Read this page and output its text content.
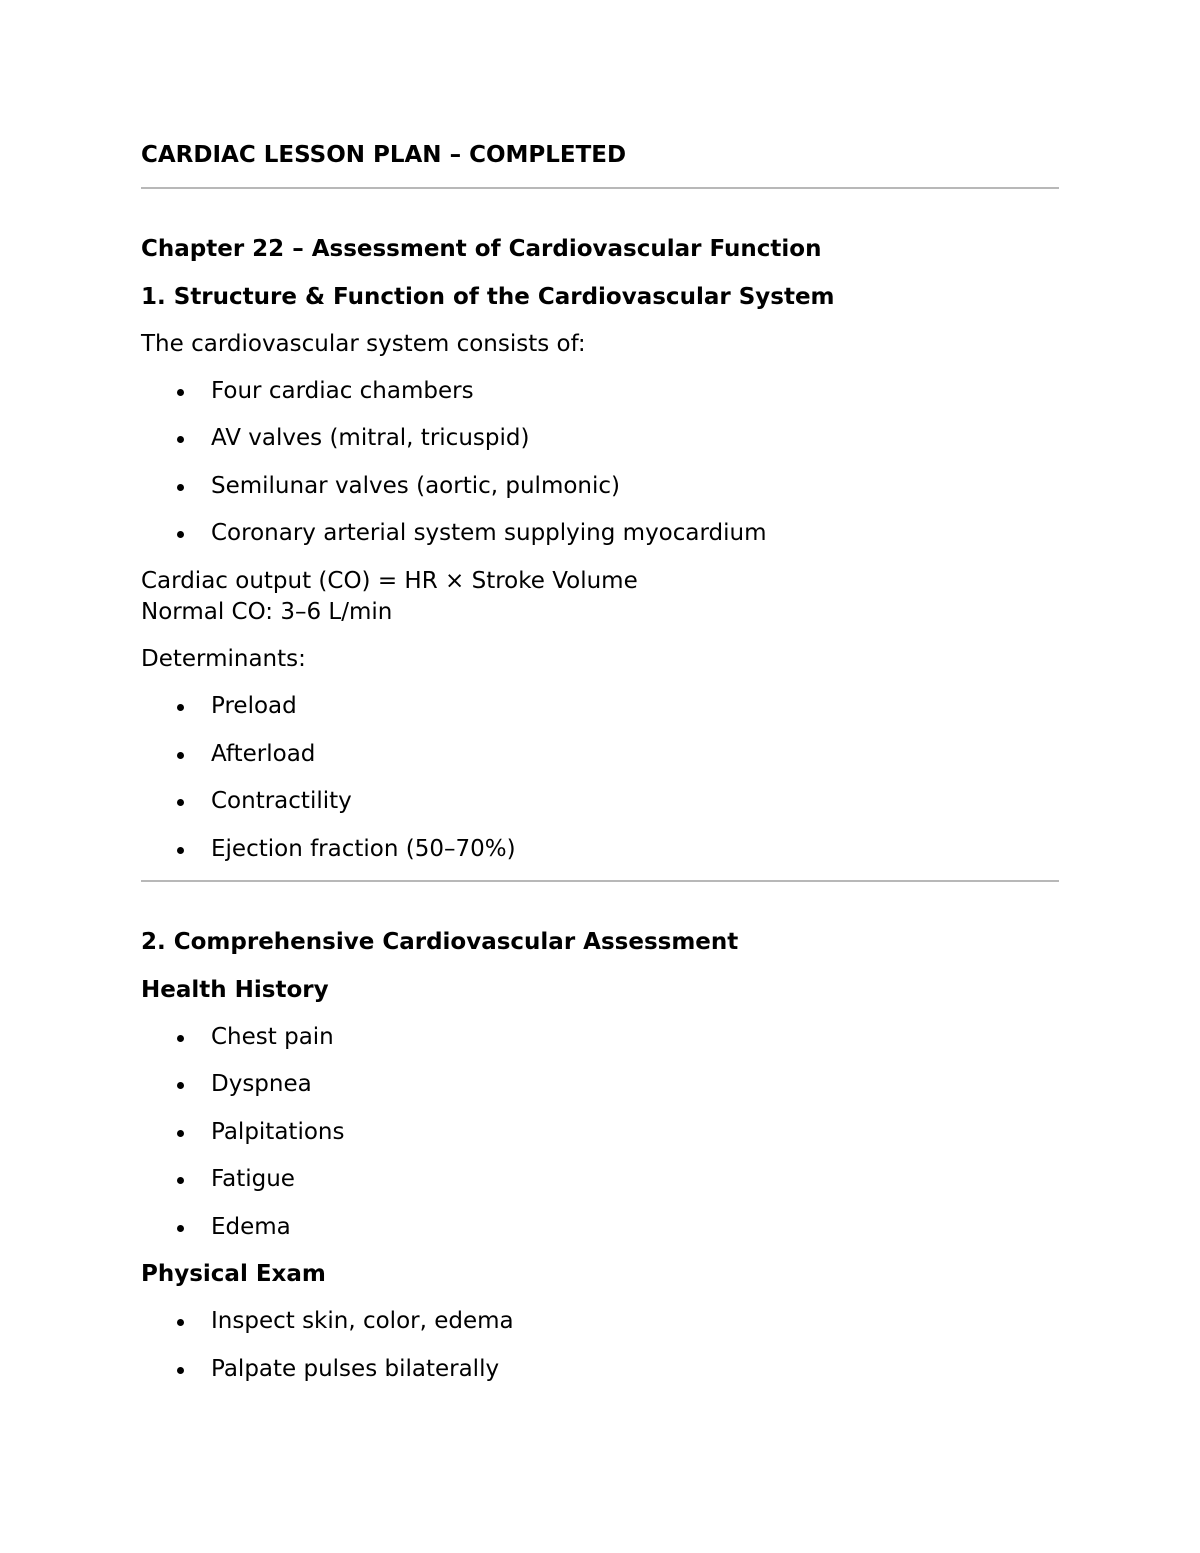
CARDIAC LESSON PLAN – COMPLETED

Chapter 22 – Assessment of Cardiovascular Function

1. Structure & Function of the Cardiovascular System

The cardiovascular system consists of:

Four cardiac chambers

AV valves (mitral, tricuspid)

Semilunar valves (aortic, pulmonic)

Coronary arterial system supplying myocardium

Cardiac output (CO) = HR × Stroke Volume

Normal CO: 3–6 L/min

Determinants:

Preload

Afterload

Contractility

Ejection fraction (50–70%)

2. Comprehensive Cardiovascular Assessment

Health History

Chest pain

Dyspnea

Palpitations

Fatigue

Edema

Physical Exam

Inspect skin, color, edema

Palpate pulses bilaterally
